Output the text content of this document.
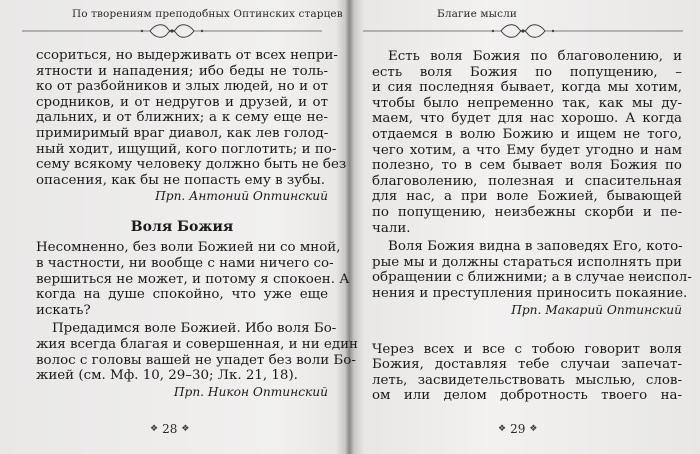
По творениям преподобных Оптинских старцев
ссориться, но выдерживать от всех непри-
ятности и нападения; ибо беды не толь-
ко от разбойников и злых людей, но и от
сродников, и от недругов и друзей, и от
дальних, и от ближних; а к сему еще не-
примиримый враг диавол, как лев голод-
ный ходит, ищущий, кого поглотить; и по-
сему всякому человеку должно быть не без
опасения, как бы не попасть ему в зубы.
Прп. Антоний Оптинский
Воля Божия
Несомненно, без воли Божией ни со мной,
в частности, ни вообще с нами ничего со-
вершиться не может, и потому я спокоен. А
когда на душе спокойно, что уже еще
искать?
Предадимся воле Божией. Ибо воля Бо-
жия всегда благая и совершенная, и ни един
волос с головы вашей не упадет без воли Бо-
жией (см. Мф. 10, 29–30; Лк. 21, 18).
Прп. Никон Оптинский
❖ 28 ❖
Благие мысли
Есть воля Божия по благоволению, и
есть воля Божия по попущению, –
и сия последняя бывает, когда мы хотим,
чтобы было непременно так, как мы ду-
маем, что будет для нас хорошо. А когда
отдаемся в волю Божию и ищем не того,
чего хотим, а что Ему будет угодно и нам
полезно, то в сем бывает воля Божия по
благоволению, полезная и спасительная
для нас, а при воле Божией, бывающей
по попущению, неизбежны скорби и пе-
чали.
Воля Божия видна в заповедях Его, кото-
рые мы и должны стараться исполнять при
обращении с ближними; а в случае неиспол-
нения и преступления приносить покаяние.
Прп. Макарий Оптинский
Через всех и все с тобою говорит воля
Божия, доставляя тебе случаи запечат-
леть, засвидетельствовать мыслью, слов-
ом или делом добротность твоего на-
❖ 29 ❖
